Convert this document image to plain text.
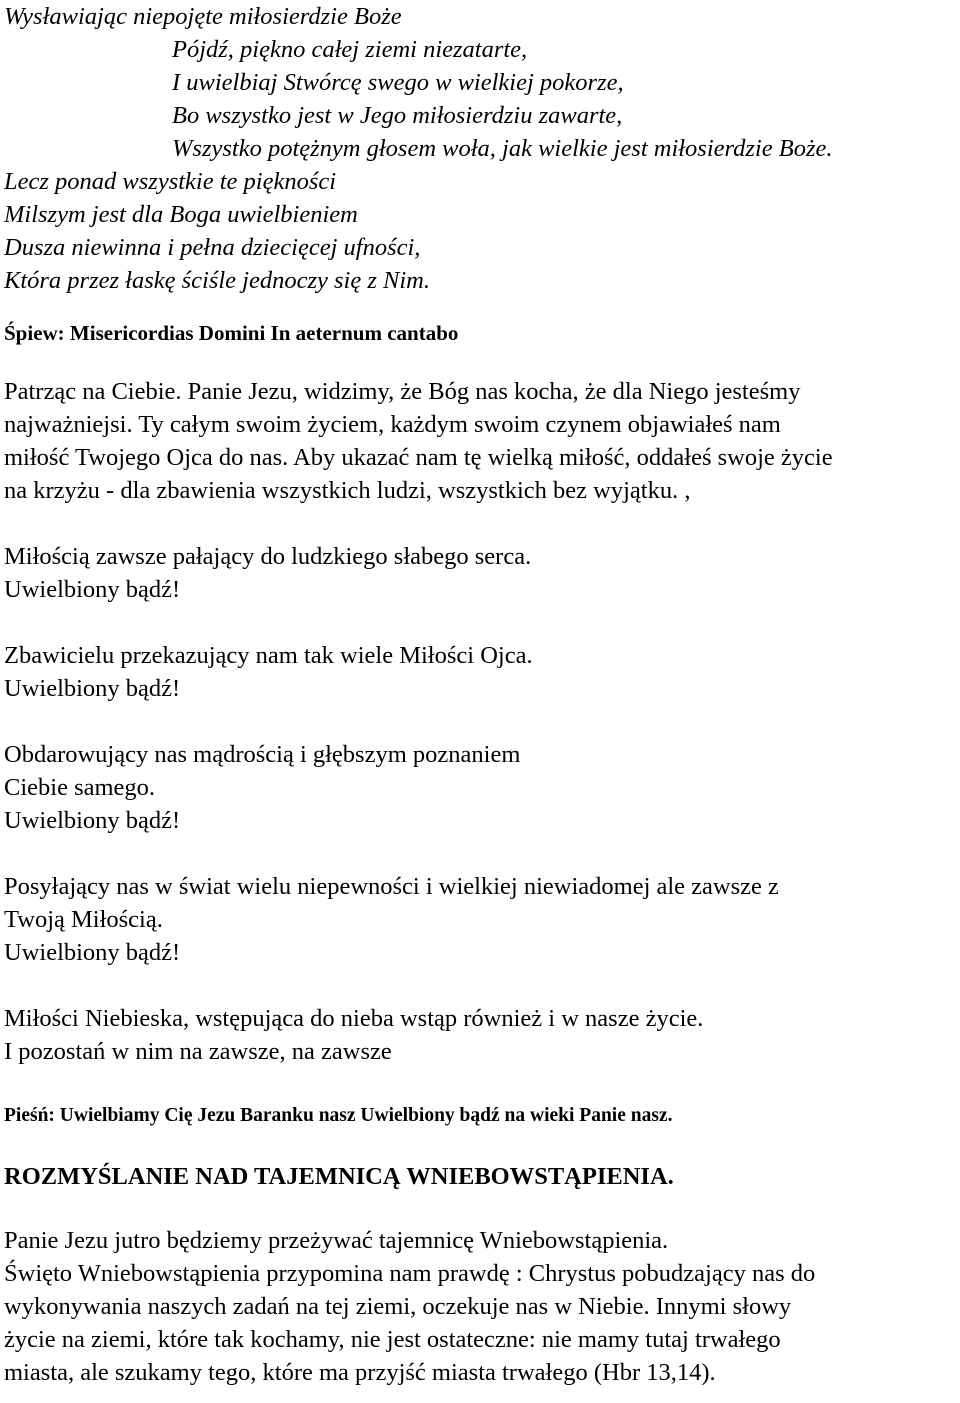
Wysławiając niepojęte miłosierdzie Boże
Pójdź, piękno całej ziemi niezatarte,
I uwielbiaj Stwórcę swego w wielkiej pokorze,
Bo wszystko jest w Jego miłosierdziu zawarte,
Wszystko potężnym głosem woła, jak wielkie jest miłosierdzie Boże.
Lecz ponad wszystkie te piękności
Milszym jest dla Boga uwielbieniem
Dusza niewinna i pełna dziecięcej ufności,
Która przez łaskę ściśle jednoczy się z Nim.
Śpiew: Misericordias Domini In aeternum cantabo
Patrząc na Ciebie. Panie Jezu, widzimy, że Bóg nas kocha, że dla Niego jesteśmy
najważniejsi. Ty całym swoim życiem, każdym swoim czynem objawiałeś nam
miłość Twojego Ojca do nas. Aby ukazać nam tę wielką miłość, oddałeś swoje życie
na krzyżu - dla zbawienia wszystkich ludzi, wszystkich bez wyjątku. ,
Miłością zawsze pałający do ludzkiego słabego serca.
Uwielbiony bądź!
Zbawicielu przekazujący nam tak wiele Miłości Ojca.
Uwielbiony bądź!
Obdarowujący nas mądrością i głębszym poznaniem
Ciebie samego.
Uwielbiony bądź!
Posyłający nas w świat wielu niepewności i wielkiej niewiadomej ale zawsze z
Twoją Miłością.
Uwielbiony bądź!
Miłości Niebieska, wstępująca do nieba wstąp również i w nasze życie.
I pozostań w nim na zawsze, na zawsze
Pieśń: Uwielbiamy Cię Jezu Baranku nasz Uwielbiony bądź na wieki Panie nasz.
ROZMYŚLANIE NAD TAJEMNICĄ WNIEBOWSTĄPIENIA.
Panie Jezu jutro będziemy przeżywać tajemnicę Wniebowstąpienia.
Święto Wniebowstąpienia przypomina nam prawdę : Chrystus pobudzający nas do
wykonywania naszych zadań na tej ziemi, oczekuje nas w Niebie. Innymi słowy
życie na ziemi, które tak kochamy, nie jest ostateczne: nie mamy tutaj trwałego
miasta, ale szukamy tego, które ma przyjść miasta trwałego (Hbr 13,14).
